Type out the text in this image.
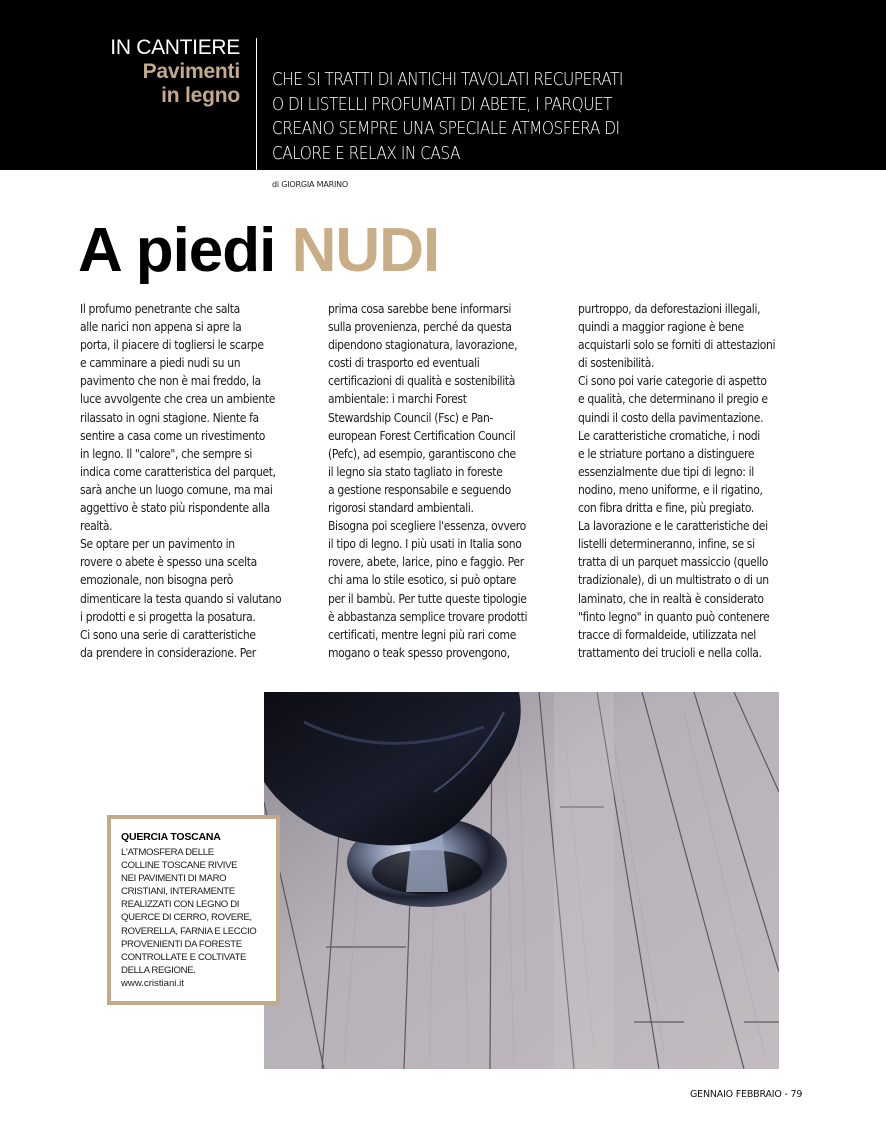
IN CANTIERE
Pavimenti
in legno
CHE SI TRATTI DI ANTICHI TAVOLATI RECUPERATI
O DI LISTELLI PROFUMATI DI ABETE, I PARQUET
CREANO SEMPRE UNA SPECIALE ATMOSFERA DI
CALORE E RELAX IN CASA
di GIORGIA MARINO
A piedi NUDI

Il profumo penetrante che salta
alle narici non appena si apre la
porta, il piacere di togliersi le scarpe
e camminare a piedi nudi su un
pavimento che non è mai freddo, la
luce avvolgente che crea un ambiente
rilassato in ogni stagione. Niente fa
sentire a casa come un rivestimento
in legno. Il "calore", che sempre si
indica come caratteristica del parquet,
sarà anche un luogo comune, ma mai
aggettivo è stato più rispondente alla
realtà.

Se optare per un pavimento in
rovere o abete è spesso una scelta
emozionale, non bisogna però
dimenticare la testa quando si valutano
i prodotti e si progetta la posatura.
Ci sono una serie di caratteristiche
da prendere in considerazione. Per

prima cosa sarebbe bene informarsi
sulla provenienza, perché da questa
dipendono stagionatura, lavorazione,
costi di trasporto ed eventuali
certificazioni di qualità e sostenibilità
ambientale: i marchi Forest
Stewardship Council (Fsc) e Pan-
european Forest Certification Council
(Pefc), ad esempio, garantiscono che
il legno sia stato tagliato in foreste
a gestione responsabile e seguendo
rigorosi standard ambientali.

Bisogna poi scegliere l'essenza, ovvero
il tipo di legno. I più usati in Italia sono
rovere, abete, larice, pino e faggio. Per
chi ama lo stile esotico, si può optare
per il bambù. Per tutte queste tipologie
è abbastanza semplice trovare prodotti
certificati, mentre legni più rari come
mogano o teak spesso provengono,

purtroppo, da deforestazioni illegali,
quindi a maggior ragione è bene
acquistarli solo se forniti di attestazioni
di sostenibilità.

Ci sono poi varie categorie di aspetto
e qualità, che determinano il pregio e
quindi il costo della pavimentazione.
Le caratteristiche cromatiche, i nodi
e le striature portano a distinguere
essenzialmente due tipi di legno: il
nodino, meno uniforme, e il rigatino,
con fibra dritta e fine, più pregiato.

La lavorazione e le caratteristiche dei
listelli determineranno, infine, se si
tratta di un parquet massiccio (quello
tradizionale), di un multistrato o di un
laminato, che in realtà è considerato
"finto legno" in quanto può contenere
tracce di formaldeide, utilizzata nel
trattamento dei trucioli e nella colla.

QUERCIA TOSCANA
L'ATMOSFERA DELLE
COLLINE TOSCANE RIVIVE
NEI PAVIMENTI DI MARO
CRISTIANI, INTERAMENTE
REALIZZATI CON LEGNO DI
QUERCE DI CERRO, ROVERE,
ROVERELLA, FARNIA E LECCIO
PROVENIENTI DA FORESTE
CONTROLLATE E COLTIVATE
DELLA REGIONE.
www.cristiani.it
GENNAIO FEBBRAIO - 79
